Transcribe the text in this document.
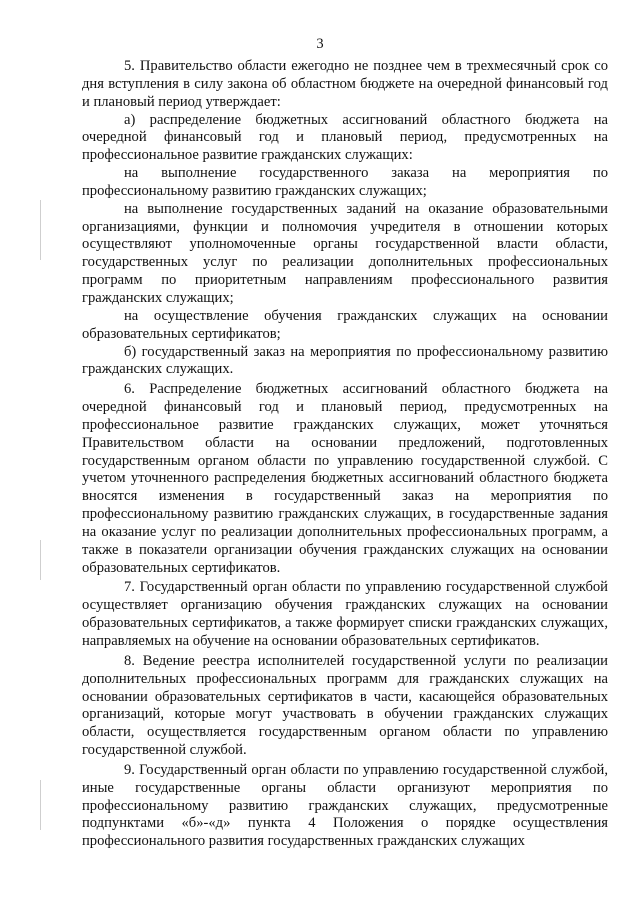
3

5. Правительство области ежегодно не позднее чем в трехмесячный срок со дня вступления в силу закона об областном бюджете на очередной финансовый год и плановый период утверждает:

а) распределение бюджетных ассигнований областного бюджета на очередной финансовый год и плановый период, предусмотренных на профессиональное развитие гражданских служащих:

на выполнение государственного заказа на мероприятия по профессиональному развитию гражданских служащих;

на выполнение государственных заданий на оказание образовательными организациями, функции и полномочия учредителя в отношении которых осуществляют уполномоченные органы государственной власти области, государственных услуг по реализации дополнительных профессиональных программ по приоритетным направлениям профессионального развития гражданских служащих;

на осуществление обучения гражданских служащих на основании образовательных сертификатов;

б) государственный заказ на мероприятия по профессиональному развитию гражданских служащих.

6. Распределение бюджетных ассигнований областного бюджета на очередной финансовый год и плановый период, предусмотренных на профессиональное развитие гражданских служащих, может уточняться Правительством области на основании предложений, подготовленных государственным органом области по управлению государственной службой. С учетом уточненного распределения бюджетных ассигнований областного бюджета вносятся изменения в государственный заказ на мероприятия по профессиональному развитию гражданских служащих, в государственные задания на оказание услуг по реализации дополнительных профессиональных программ, а также в показатели организации обучения гражданских служащих на основании образовательных сертификатов.

7. Государственный орган области по управлению государственной службой осуществляет организацию обучения гражданских служащих на основании образовательных сертификатов, а также формирует списки гражданских служащих, направляемых на обучение на основании образовательных сертификатов.

8. Ведение реестра исполнителей государственной услуги по реализации дополнительных профессиональных программ для гражданских служащих на основании образовательных сертификатов в части, касающейся образовательных организаций, которые могут участвовать в обучении гражданских служащих области, осуществляется государственным органом области по управлению государственной службой.

9. Государственный орган области по управлению государственной службой, иные государственные органы области организуют мероприятия по профессиональному развитию гражданских служащих, предусмотренные подпунктами «б»-«д» пункта 4 Положения о порядке осуществления профессионального развития государственных гражданских служащих
